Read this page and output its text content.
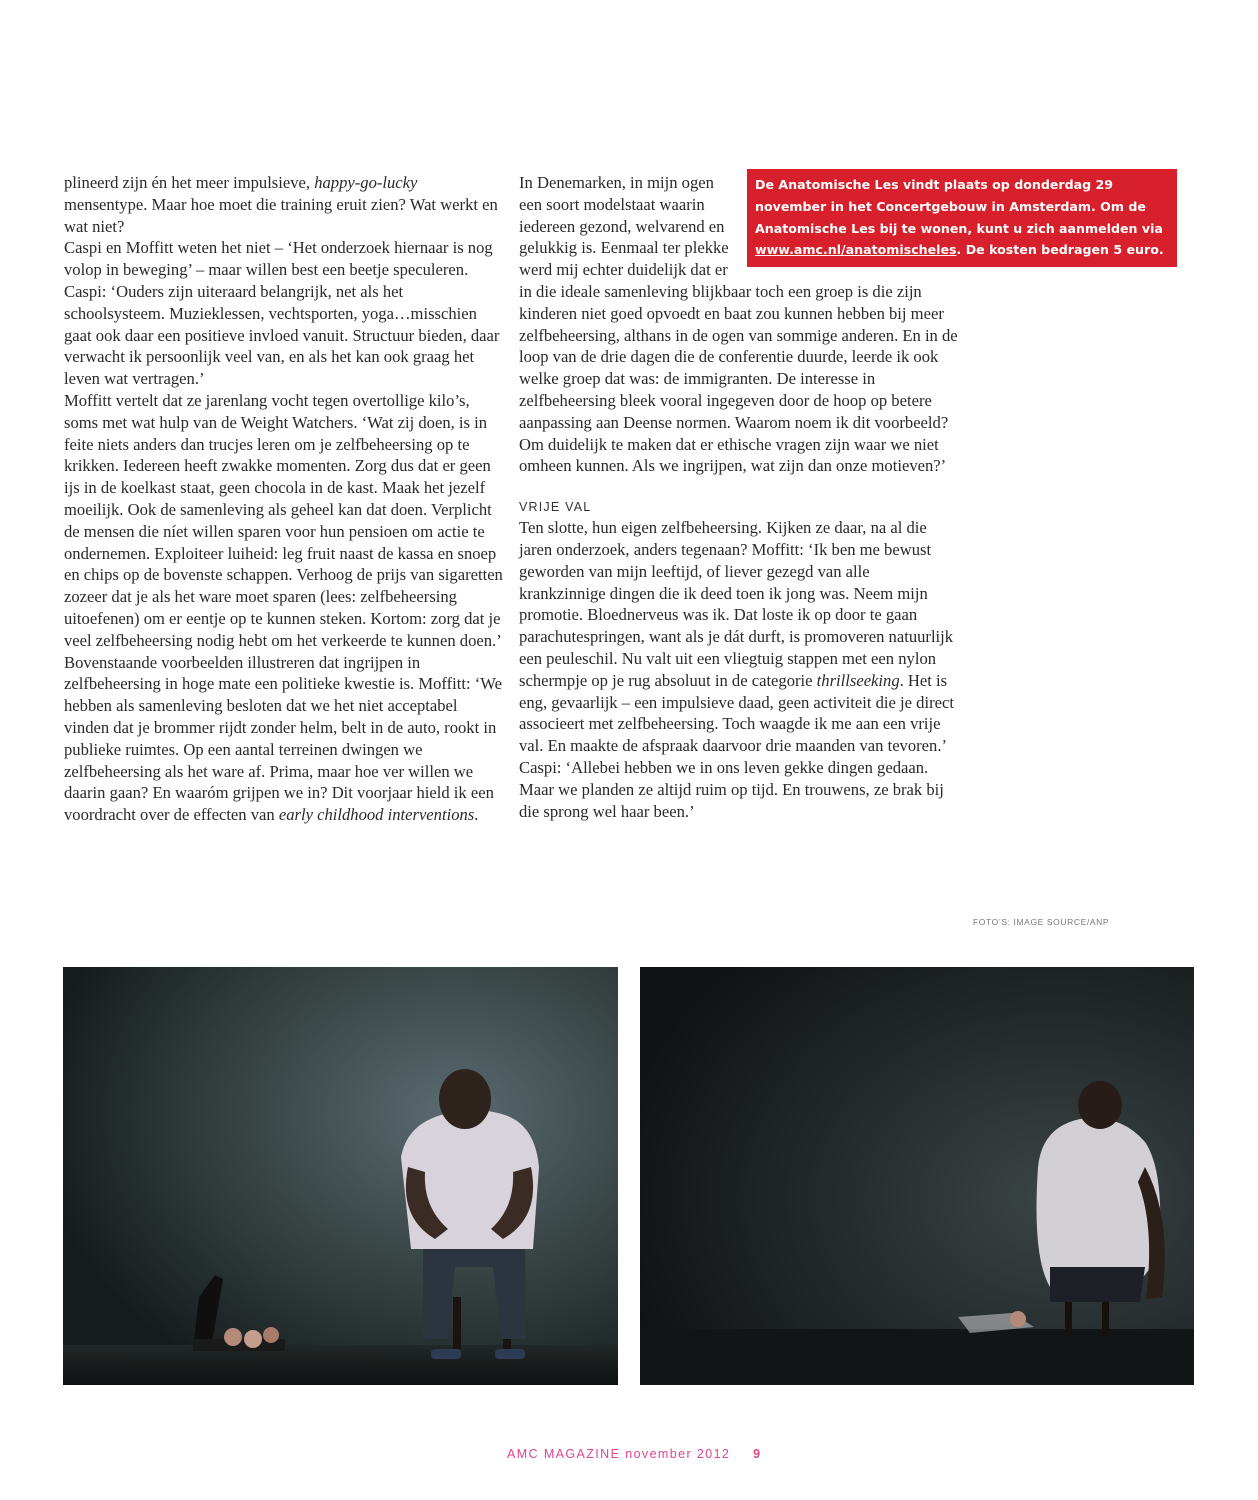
plineerd zijn én het meer impulsieve, happy-go-lucky mensentype. Maar hoe moet die training eruit zien? Wat werkt en wat niet?

Caspi en Moffitt weten het niet – ‘Het onderzoek hiernaar is nog volop in beweging’ – maar willen best een beetje speculeren. Caspi: ‘Ouders zijn uiteraard belangrijk, net als het schoolsysteem. Muzieklessen, vechtsporten, yoga…misschien gaat ook daar een positieve invloed vanuit. Structuur bieden, daar verwacht ik persoonlijk veel van, en als het kan ook graag het leven wat vertragen.’

Moffitt vertelt dat ze jarenlang vocht tegen overtollige kilo’s, soms met wat hulp van de Weight Watchers. ‘Wat zij doen, is in feite niets anders dan trucjes leren om je zelfbeheersing op te krikken. Iedereen heeft zwakke momenten. Zorg dus dat er geen ijs in de koelkast staat, geen chocola in de kast. Maak het jezelf moeilijk. Ook de samenleving als geheel kan dat doen. Verplicht de mensen die níet willen sparen voor hun pensioen om actie te ondernemen. Exploiteer luiheid: leg fruit naast de kassa en snoep en chips op de bovenste schappen. Verhoog de prijs van sigaretten zozeer dat je als het ware moet sparen (lees: zelfbeheersing uitoefenen) om er eentje op te kunnen steken. Kortom: zorg dat je veel zelfbeheersing nodig hebt om het verkeerde te kunnen doen.’

Bovenstaande voorbeelden illustreren dat ingrijpen in zelfbeheersing in hoge mate een politieke kwestie is. Moffitt: ‘We hebben als samenleving besloten dat we het niet acceptabel vinden dat je brommer rijdt zonder helm, belt in de auto, rookt in publieke ruimtes. Op een aantal terreinen dwingen we zelfbeheersing als het ware af. Prima, maar hoe ver willen we daarin gaan? En waaróm grijpen we in? Dit voorjaar hield ik een voordracht over de effecten van early childhood interventions.

In Denemarken, in mijn ogen een soort modelstaat waarin iedereen gezond, welvarend en gelukkig is. Eenmaal ter plekke werd mij echter duidelijk dat er

in die ideale samenleving blijkbaar toch een groep is die zijn kinderen niet goed opvoedt en baat zou kunnen hebben bij meer zelfbeheersing, althans in de ogen van sommige anderen. En in de loop van de drie dagen die de conferentie duurde, leerde ik ook welke groep dat was: de immigranten. De interesse in zelfbeheersing bleek vooral ingegeven door de hoop op betere aanpassing aan Deense normen. Waarom noem ik dit voorbeeld? Om duidelijk te maken dat er ethische vragen zijn waar we niet omheen kunnen. Als we ingrijpen, wat zijn dan onze motieven?’

VRIJE VAL

Ten slotte, hun eigen zelfbeheersing. Kijken ze daar, na al die jaren onderzoek, anders tegenaan? Moffitt: ‘Ik ben me bewust geworden van mijn leeftijd, of liever gezegd van alle krankzinnige dingen die ik deed toen ik jong was. Neem mijn promotie. Bloednerveus was ik. Dat loste ik op door te gaan parachutespringen, want als je dát durft, is promoveren natuurlijk een peuleschil. Nu valt uit een vliegtuig stappen met een nylon schermpje op je rug absoluut in de categorie thrillseeking. Het is eng, gevaarlijk – een impulsieve daad, geen activiteit die je direct associeert met zelfbeheersing. Toch waagde ik me aan een vrije val. En maakte de afspraak daarvoor drie maanden van tevoren.’ Caspi: ‘Allebei hebben we in ons leven gekke dingen gedaan. Maar we planden ze altijd ruim op tijd. En trouwens, ze brak bij die sprong wel haar been.’

De Anatomische Les vindt plaats op donderdag 29 november in het Concertgebouw in Amsterdam. Om de Anatomische Les bij te wonen, kunt u zich aanmelden via www.amc.nl/anatomischeles. De kosten bedragen 5 euro.
FOTO’S: IMAGE SOURCE/ANP
AMC MAGAZINE november 2012 9
